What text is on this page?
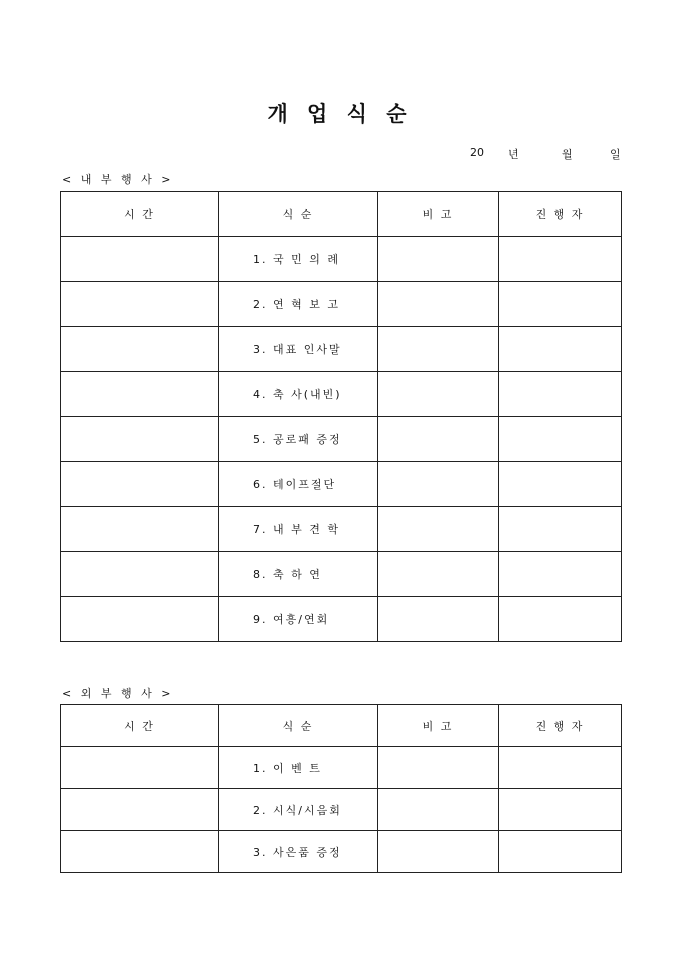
개 업 식 순
20	년	월	일
< 내 부 행 사 >
시 간	식 순	비 고	진 행 자
	1. 국 민 의 례		
	2. 연 혁 보 고		
	3. 대표 인사말		
	4. 축 사(내빈)		
	5. 공로패 증정		
	6. 테이프절단		
	7. 내 부 견 학		
	8. 축 하 연		
	9. 여흥/연회		
< 외 부 행 사 >
시 간	식 순	비 고	진 행 자
	1. 이 벤 트		
	2. 시식/시음회		
	3. 사은품 증정		
